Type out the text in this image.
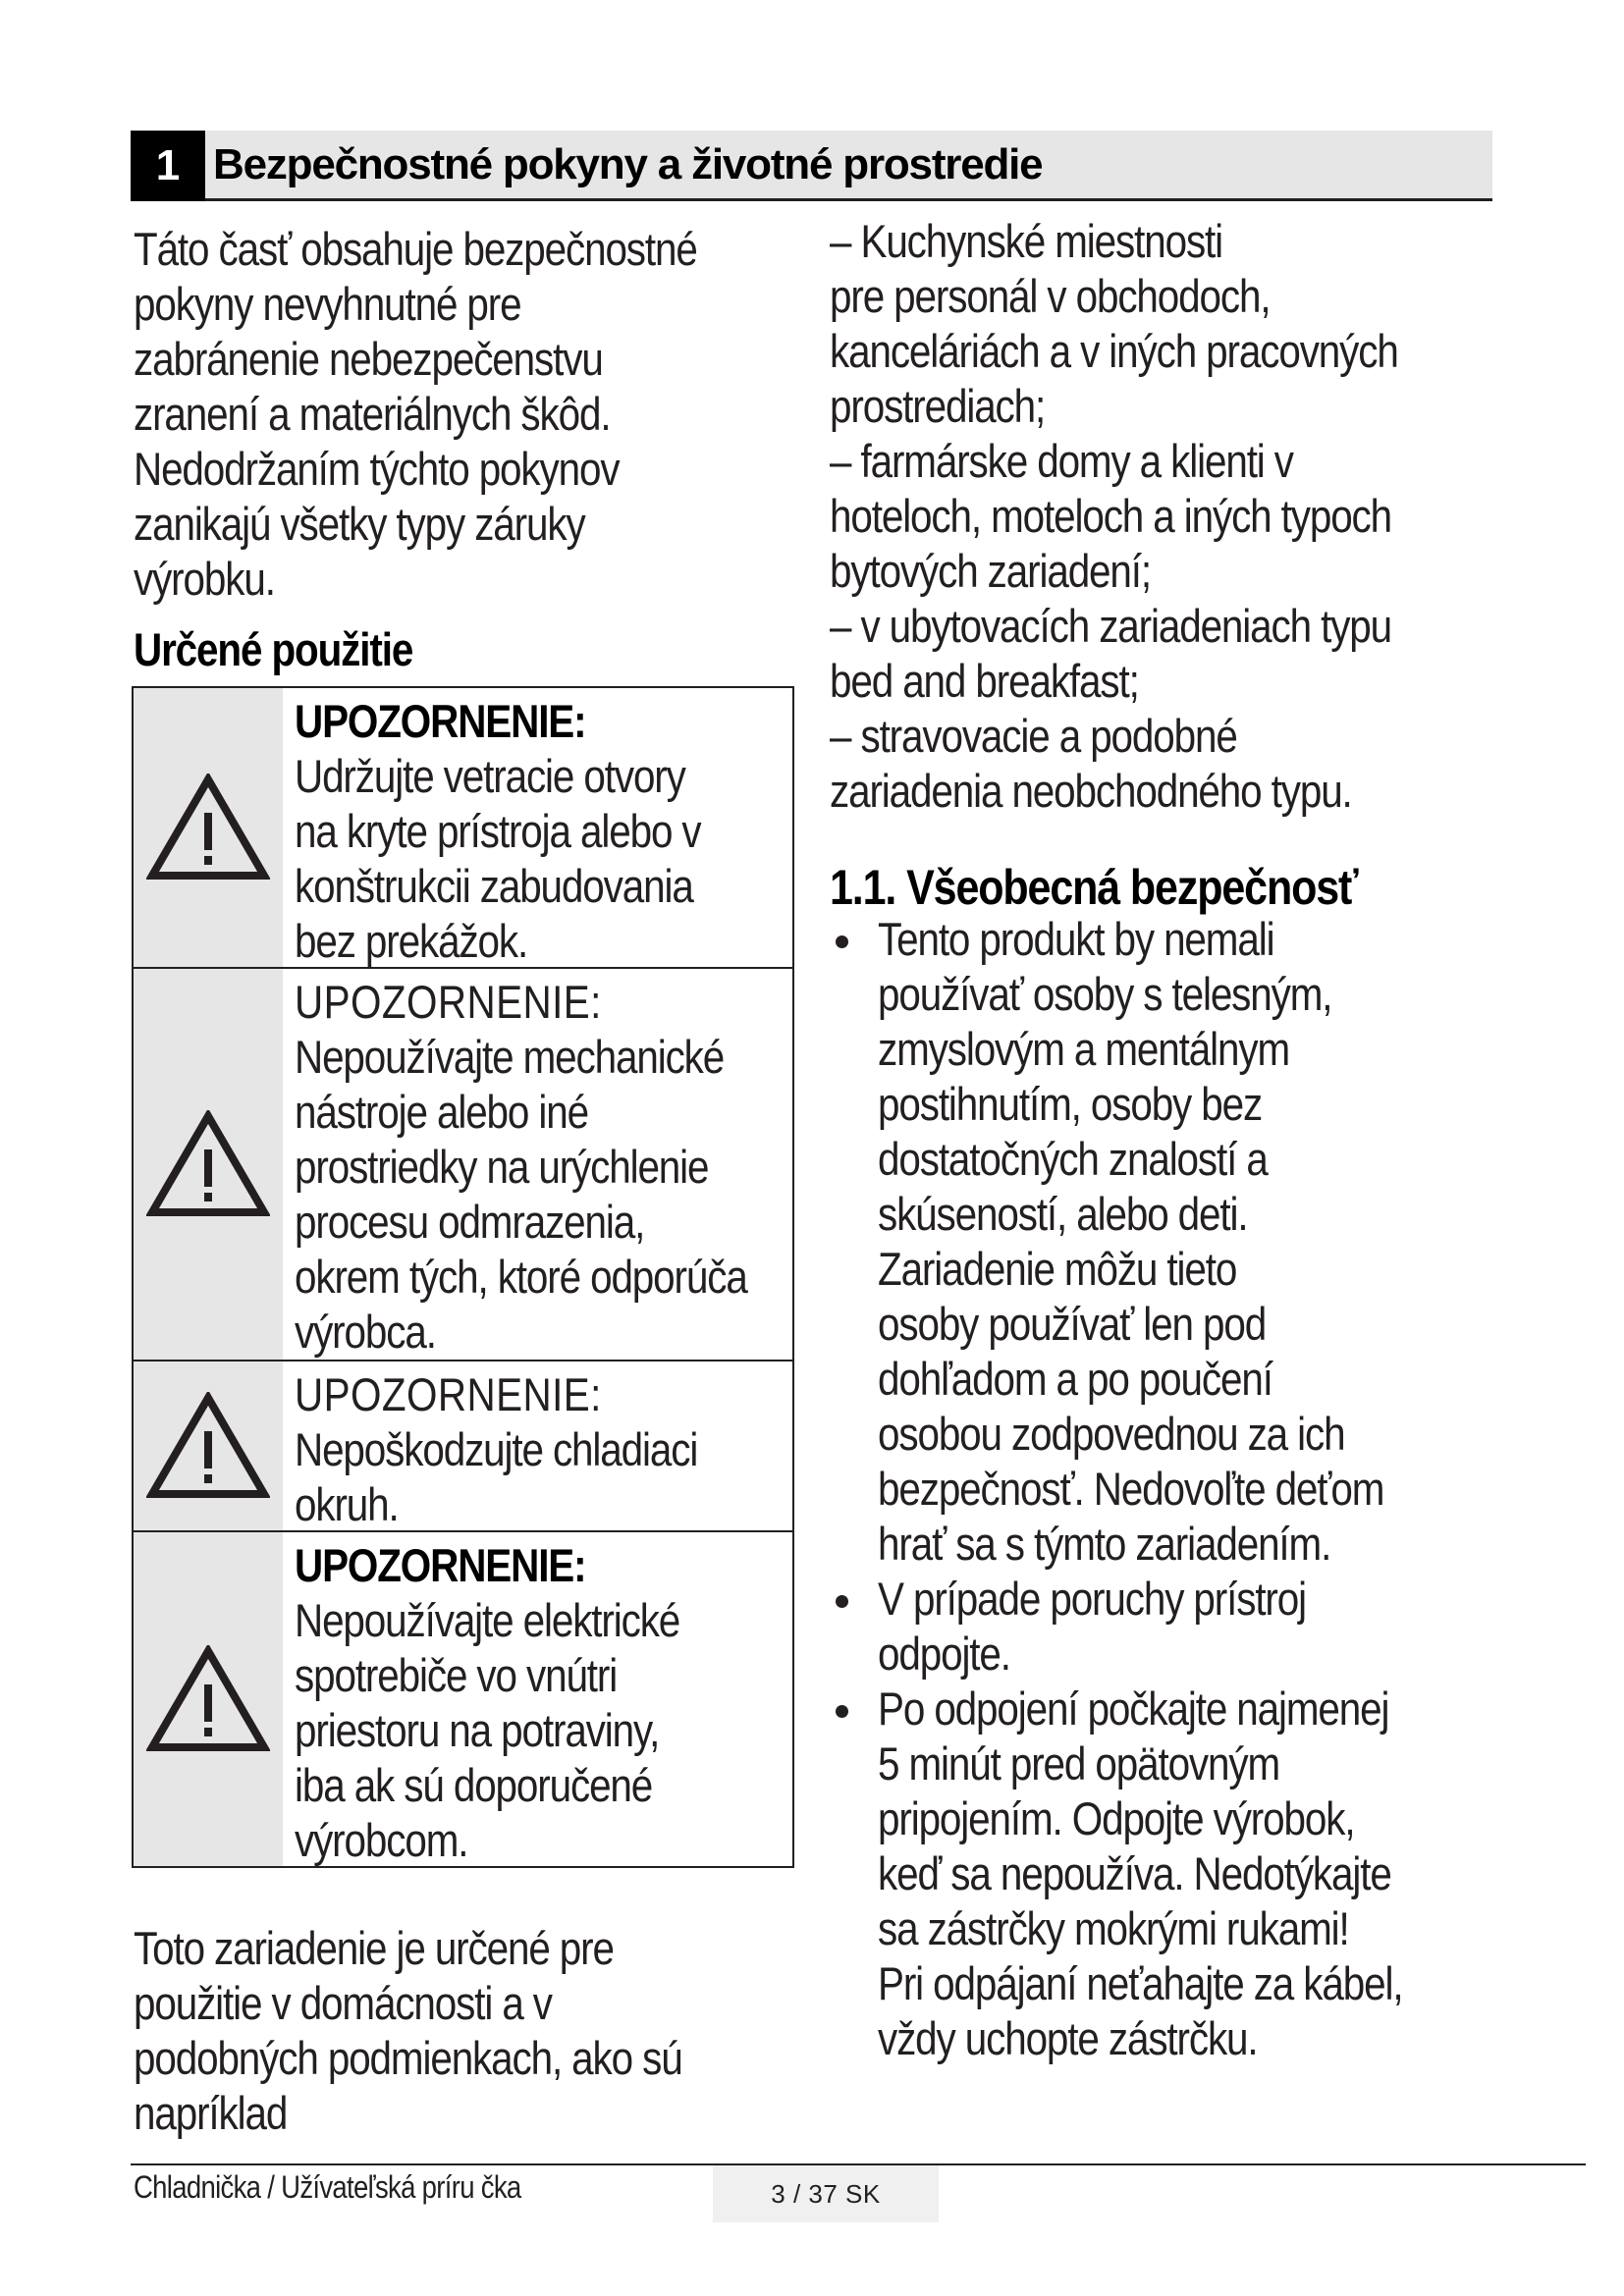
1 Bezpečnostné pokyny a životné prostredie

Táto časť obsahuje bezpečnostné

pokyny nevyhnutné pre

zabránenie nebezpečenstvu

zranení a materiálnych škôd.

Nedodržaním týchto pokynov

zanikajú všetky typy záruky

výrobku.

Určené použitie

UPOZORNENIE:

Udržujte vetracie otvory

na kryte prístroja alebo v

konštrukcii zabudovania

bez prekážok.

UPOZORNENIE:

Nepoužívajte mechanické

nástroje alebo iné

prostriedky na urýchlenie

procesu odmrazenia,

okrem tých, ktoré odporúča

výrobca.

UPOZORNENIE:

Nepoškodzujte chladiaci

okruh.

UPOZORNENIE:

Nepoužívajte elektrické

spotrebiče vo vnútri

priestoru na potraviny,

iba ak sú doporučené

výrobcom.

Toto zariadenie je určené pre

použitie v domácnosti a v

podobných podmienkach, ako sú

napríklad

– Kuchynské miestnosti

pre personál v obchodoch,

kanceláriách a v iných pracovných

prostrediach;

– farmárske domy a klienti v

hoteloch, moteloch a iných typoch

bytových zariadení;

– v ubytovacích zariadeniach typu

bed and breakfast;

– stravovacie a podobné

zariadenia neobchodného typu.

1.1. Všeobecná bezpečnosť

Tento produkt by nemali

používať osoby s telesným,

zmyslovým a mentálnym

postihnutím, osoby bez

dostatočných znalostí a

skúseností, alebo deti.

Zariadenie môžu tieto

osoby používať len pod

dohľadom a po poučení

osobou zodpovednou za ich

bezpečnosť. Nedovoľte deťom

hrať sa s týmto zariadením.

V prípade poruchy prístroj

odpojte.

Po odpojení počkajte najmenej

5 minút pred opätovným

pripojením. Odpojte výrobok,

keď sa nepoužíva. Nedotýkajte

sa zástrčky mokrými rukami!

Pri odpájaní neťahajte za kábel,

vždy uchopte zástrčku.

Chladnička / Užívateľská príru čka	3 / 37 SK
